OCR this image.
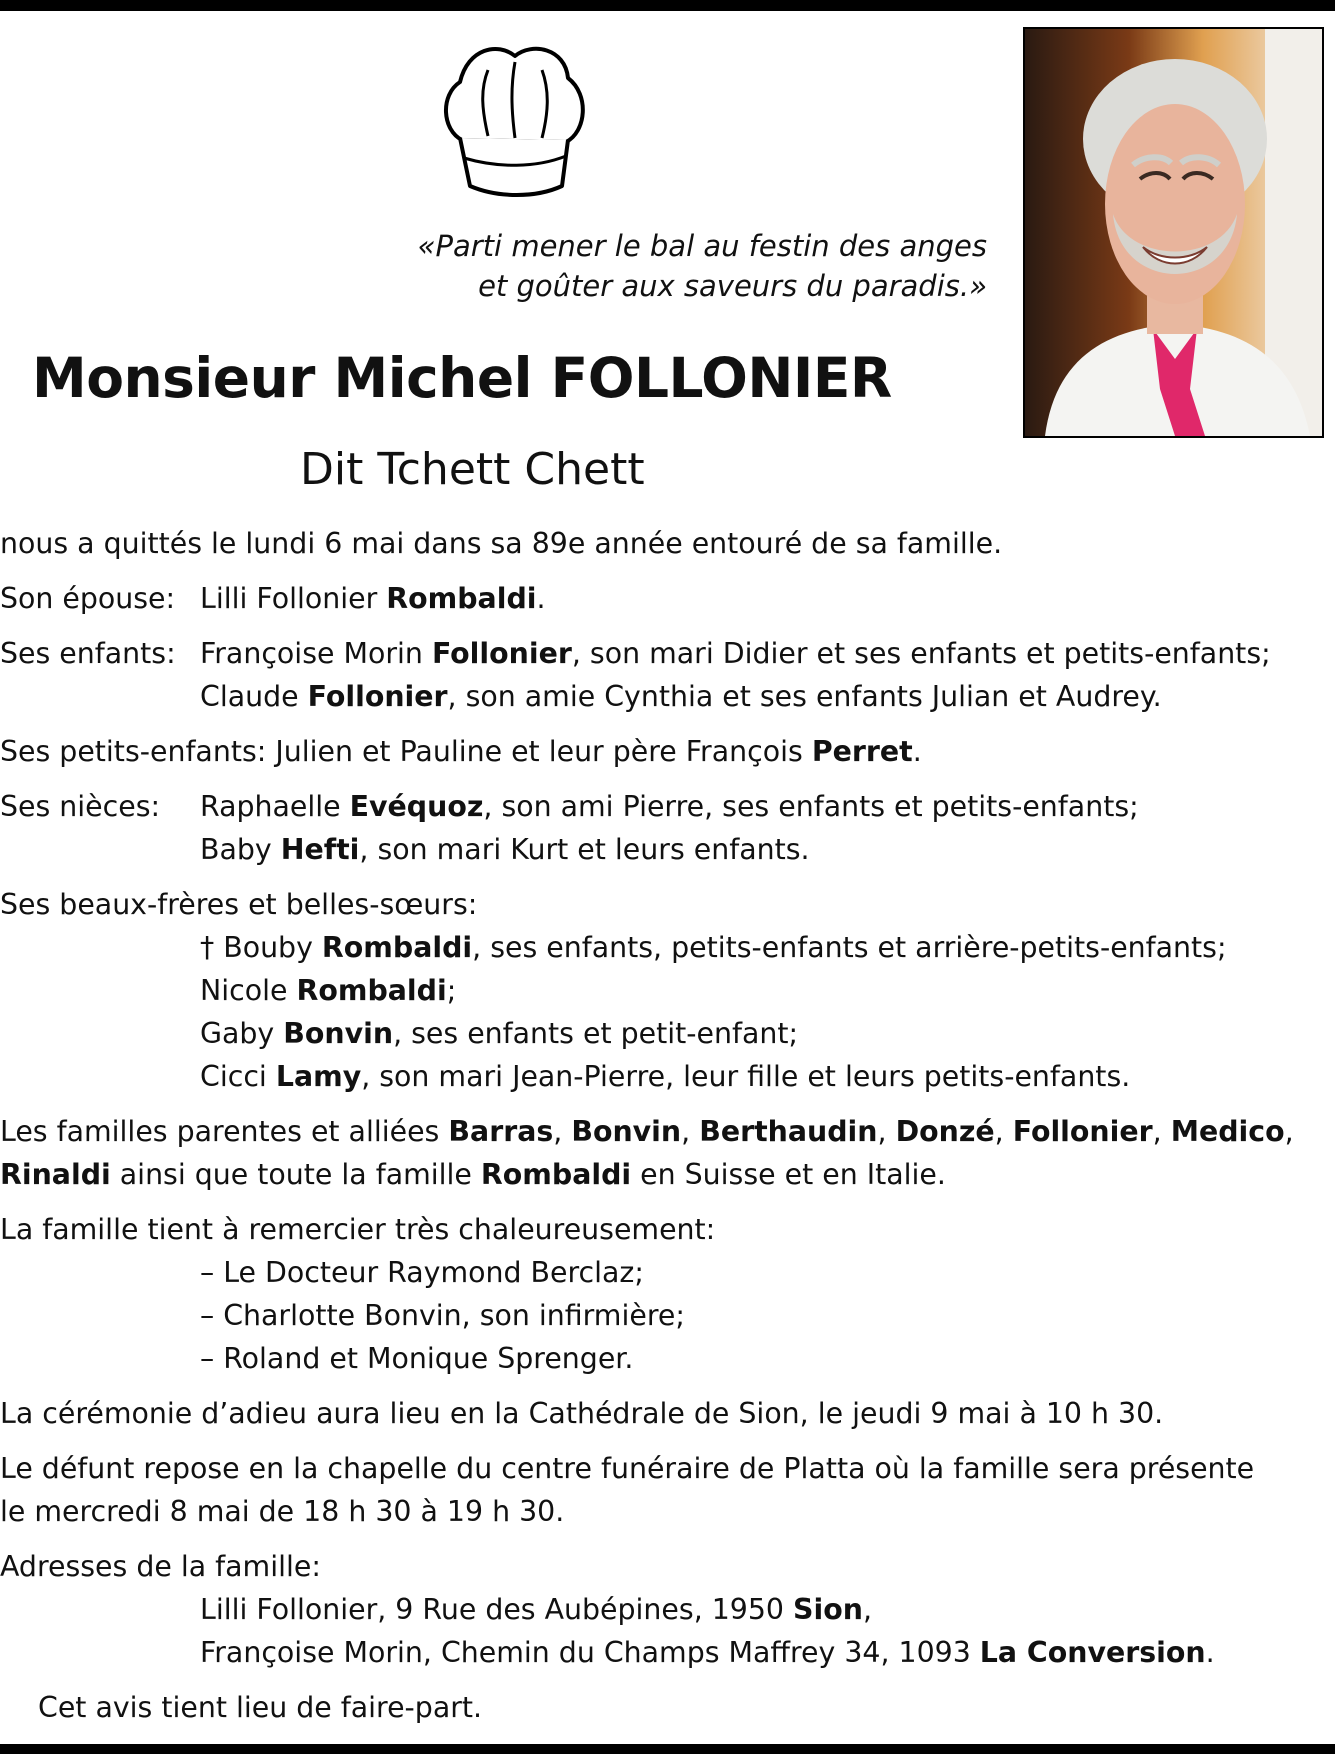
«Parti mener le bal au festin des anges
et goûter aux saveurs du paradis.»
Monsieur Michel FOLLONIER
Dit Tchett Chett
nous a quittés le lundi 6 mai dans sa 89e année entouré de sa famille.
Son épouse: Lilli Follonier Rombaldi.
Ses enfants: Françoise Morin Follonier, son mari Didier et ses enfants et petits-enfants;
Claude Follonier, son amie Cynthia et ses enfants Julian et Audrey.
Ses petits-enfants: Julien et Pauline et leur père François Perret.
Ses nièces:	Raphaelle Evéquoz, son ami Pierre, ses enfants et petits-enfants;
Baby Hefti, son mari Kurt et leurs enfants.
Ses beaux-frères et belles-sœurs:
† Bouby Rombaldi, ses enfants, petits-enfants et arrière-petits-enfants;
Nicole Rombaldi;
Gaby Bonvin, ses enfants et petit-enfant;
Cicci Lamy, son mari Jean-Pierre, leur fille et leurs petits-enfants.
Les familles parentes et alliées Barras, Bonvin, Berthaudin, Donzé, Follonier, Medico,
Rinaldi ainsi que toute la famille Rombaldi en Suisse et en Italie.
La famille tient à remercier très chaleureusement:
– Le Docteur Raymond Berclaz;
– Charlotte Bonvin, son infirmière;
– Roland et Monique Sprenger.
La cérémonie d’adieu aura lieu en la Cathédrale de Sion, le jeudi 9 mai à 10 h 30.
Le défunt repose en la chapelle du centre funéraire de Platta où la famille sera présente
le mercredi 8 mai de 18 h 30 à 19 h 30.
Adresses de la famille:
Lilli Follonier, 9 Rue des Aubépines, 1950 Sion,
Françoise Morin, Chemin du Champs Maffrey 34, 1093 La Conversion.
Cet avis tient lieu de faire-part.
